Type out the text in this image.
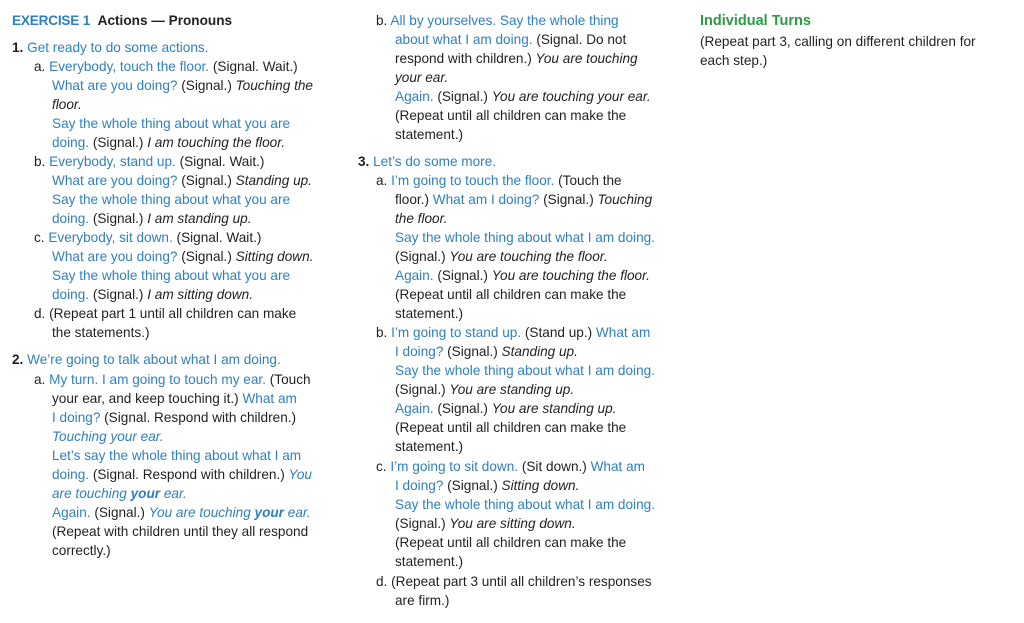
EXERCISE 1 Actions — Pronouns
1. Get ready to do some actions.
a. Everybody, touch the floor. (Signal. Wait.)
What are you doing? (Signal.) Touching the
floor.
Say the whole thing about what you are
doing. (Signal.) I am touching the floor.
b. Everybody, stand up. (Signal. Wait.)
What are you doing? (Signal.) Standing up.
Say the whole thing about what you are
doing. (Signal.) I am standing up.
c. Everybody, sit down. (Signal. Wait.)
What are you doing? (Signal.) Sitting down.
Say the whole thing about what you are
doing. (Signal.) I am sitting down.
d. (Repeat part 1 until all children can make
the statements.)
2. We’re going to talk about what I am doing.
a. My turn. I am going to touch my ear. (Touch
your ear, and keep touching it.) What am
I doing? (Signal. Respond with children.)
Touching your ear.
Let’s say the whole thing about what I am
doing. (Signal. Respond with children.) You
are touching your ear.
Again. (Signal.) You are touching your ear.
(Repeat with children until they all respond
correctly.)
b. All by yourselves. Say the whole thing
about what I am doing. (Signal. Do not
respond with children.) You are touching
your ear.
Again. (Signal.) You are touching your ear.
(Repeat until all children can make the
statement.)
3. Let’s do some more.
a. I’m going to touch the floor. (Touch the
floor.) What am I doing? (Signal.) Touching
the floor.
Say the whole thing about what I am doing.
(Signal.) You are touching the floor.
Again. (Signal.) You are touching the floor.
(Repeat until all children can make the
statement.)
b. I’m going to stand up. (Stand up.) What am
I doing? (Signal.) Standing up.
Say the whole thing about what I am doing.
(Signal.) You are standing up.
Again. (Signal.) You are standing up.
(Repeat until all children can make the
statement.)
c. I’m going to sit down. (Sit down.) What am
I doing? (Signal.) Sitting down.
Say the whole thing about what I am doing.
(Signal.) You are sitting down.
(Repeat until all children can make the
statement.)
d. (Repeat part 3 until all children’s responses
are firm.)
Individual Turns
(Repeat part 3, calling on different children for
each step.)
